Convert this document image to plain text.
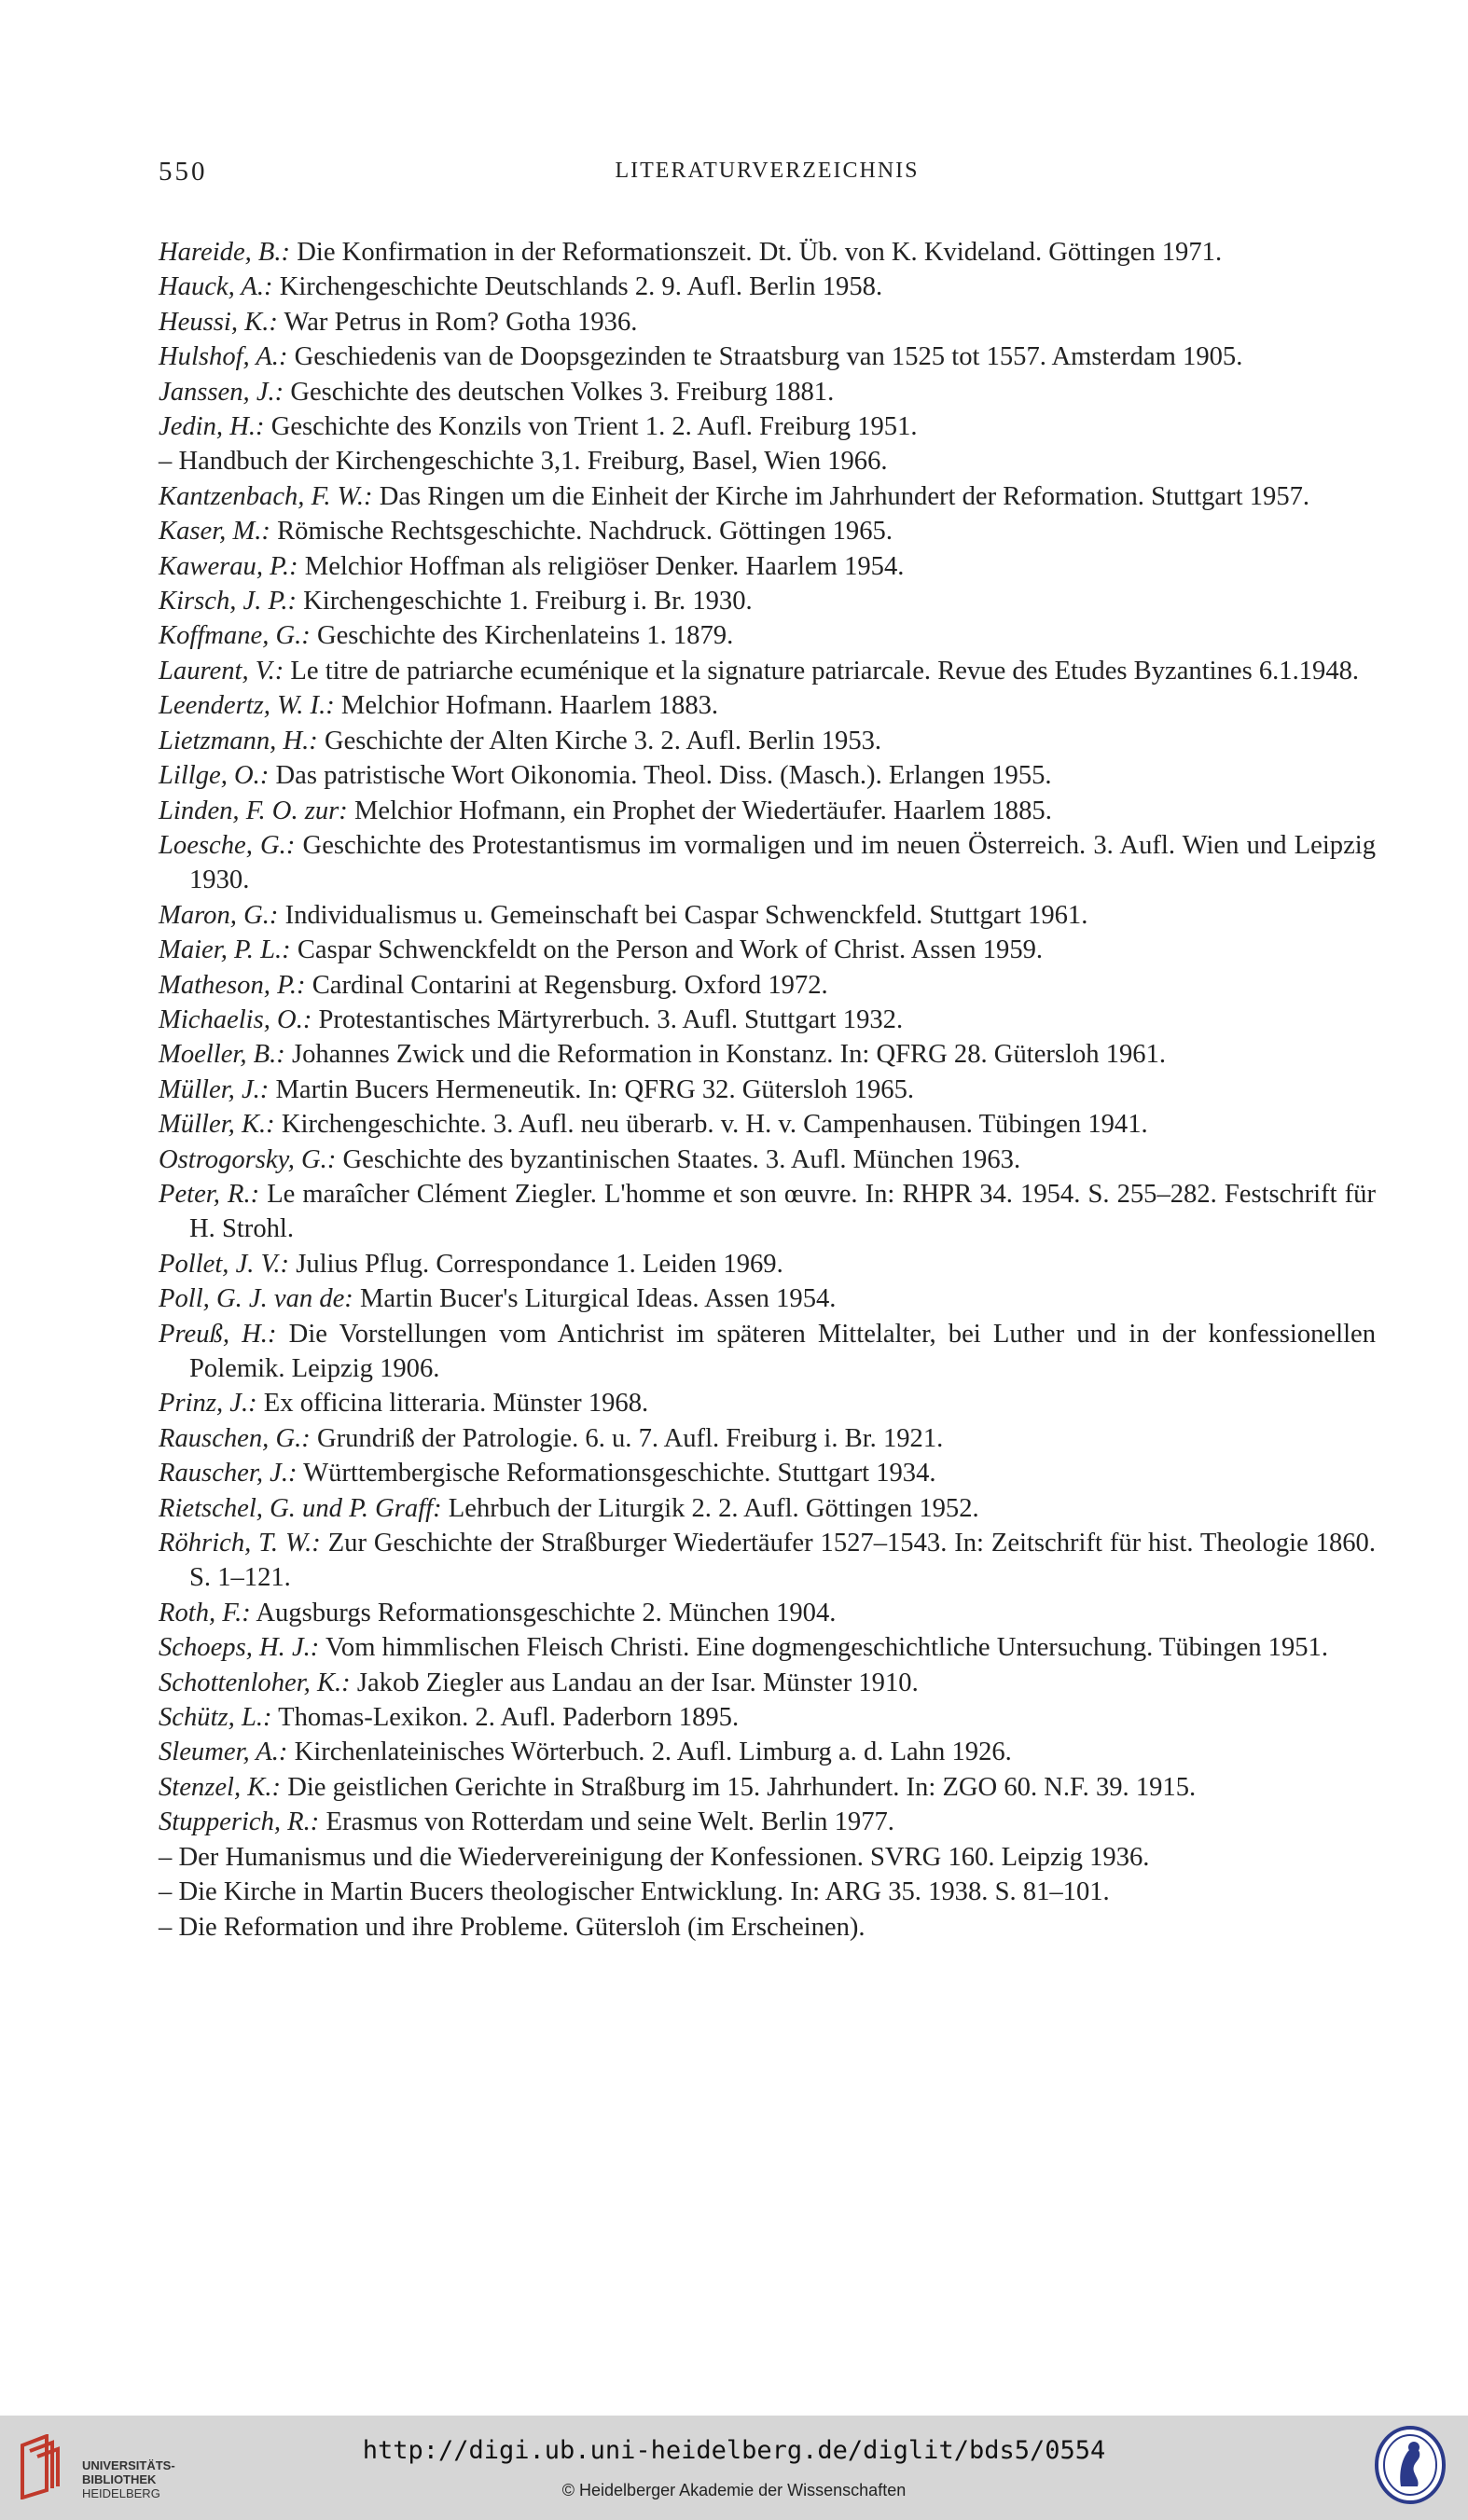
550	LITERATURVERZEICHNIS
Hareide, B.: Die Konfirmation in der Reformationszeit. Dt. Üb. von K. Kvideland. Göttingen 1971.
Hauck, A.: Kirchengeschichte Deutschlands 2. 9. Aufl. Berlin 1958.
Heussi, K.: War Petrus in Rom? Gotha 1936.
Hulshof, A.: Geschiedenis van de Doopsgezinden te Straatsburg van 1525 tot 1557. Amsterdam 1905.
Janssen, J.: Geschichte des deutschen Volkes 3. Freiburg 1881.
Jedin, H.: Geschichte des Konzils von Trient 1. 2. Aufl. Freiburg 1951.
– Handbuch der Kirchengeschichte 3,1. Freiburg, Basel, Wien 1966.
Kantzenbach, F. W.: Das Ringen um die Einheit der Kirche im Jahrhundert der Reformation. Stuttgart 1957.
Kaser, M.: Römische Rechtsgeschichte. Nachdruck. Göttingen 1965.
Kawerau, P.: Melchior Hoffman als religiöser Denker. Haarlem 1954.
Kirsch, J. P.: Kirchengeschichte 1. Freiburg i. Br. 1930.
Koffmane, G.: Geschichte des Kirchenlateins 1. 1879.
Laurent, V.: Le titre de patriarche ecuménique et la signature patriarcale. Revue des Etudes Byzantines 6.1.1948.
Leendertz, W. I.: Melchior Hofmann. Haarlem 1883.
Lietzmann, H.: Geschichte der Alten Kirche 3. 2. Aufl. Berlin 1953.
Lillge, O.: Das patristische Wort Oikonomia. Theol. Diss. (Masch.). Erlangen 1955.
Linden, F. O. zur: Melchior Hofmann, ein Prophet der Wiedertäufer. Haarlem 1885.
Loesche, G.: Geschichte des Protestantismus im vormaligen und im neuen Österreich. 3. Aufl. Wien und Leipzig 1930.
Maron, G.: Individualismus u. Gemeinschaft bei Caspar Schwenckfeld. Stuttgart 1961.
Maier, P. L.: Caspar Schwenckfeldt on the Person and Work of Christ. Assen 1959.
Matheson, P.: Cardinal Contarini at Regensburg. Oxford 1972.
Michaelis, O.: Protestantisches Märtyrerbuch. 3. Aufl. Stuttgart 1932.
Moeller, B.: Johannes Zwick und die Reformation in Konstanz. In: QFRG 28. Gütersloh 1961.
Müller, J.: Martin Bucers Hermeneutik. In: QFRG 32. Gütersloh 1965.
Müller, K.: Kirchengeschichte. 3. Aufl. neu überarb. v. H. v. Campenhausen. Tübingen 1941.
Ostrogorsky, G.: Geschichte des byzantinischen Staates. 3. Aufl. München 1963.
Peter, R.: Le maraîcher Clément Ziegler. L'homme et son œuvre. In: RHPR 34. 1954. S. 255–282. Festschrift für H. Strohl.
Pollet, J. V.: Julius Pflug. Correspondance 1. Leiden 1969.
Poll, G. J. van de: Martin Bucer's Liturgical Ideas. Assen 1954.
Preuß, H.: Die Vorstellungen vom Antichrist im späteren Mittelalter, bei Luther und in der konfessionellen Polemik. Leipzig 1906.
Prinz, J.: Ex officina litteraria. Münster 1968.
Rauschen, G.: Grundriß der Patrologie. 6. u. 7. Aufl. Freiburg i. Br. 1921.
Rauscher, J.: Württembergische Reformationsgeschichte. Stuttgart 1934.
Rietschel, G. und P. Graff: Lehrbuch der Liturgik 2. 2. Aufl. Göttingen 1952.
Röhrich, T. W.: Zur Geschichte der Straßburger Wiedertäufer 1527–1543. In: Zeitschrift für hist. Theologie 1860. S. 1–121.
Roth, F.: Augsburgs Reformationsgeschichte 2. München 1904.
Schoeps, H. J.: Vom himmlischen Fleisch Christi. Eine dogmengeschichtliche Untersuchung. Tübingen 1951.
Schottenloher, K.: Jakob Ziegler aus Landau an der Isar. Münster 1910.
Schütz, L.: Thomas-Lexikon. 2. Aufl. Paderborn 1895.
Sleumer, A.: Kirchenlateinisches Wörterbuch. 2. Aufl. Limburg a. d. Lahn 1926.
Stenzel, K.: Die geistlichen Gerichte in Straßburg im 15. Jahrhundert. In: ZGO 60. N.F. 39. 1915.
Stupperich, R.: Erasmus von Rotterdam und seine Welt. Berlin 1977.
– Der Humanismus und die Wiedervereinigung der Konfessionen. SVRG 160. Leipzig 1936.
– Die Kirche in Martin Bucers theologischer Entwicklung. In: ARG 35. 1938. S. 81–101.
– Die Reformation und ihre Probleme. Gütersloh (im Erscheinen).
UNIVERSITÄTS-
BIBLIOTHEK
HEIDELBERG
http://digi.ub.uni-heidelberg.de/diglit/bds5/0554
© Heidelberger Akademie der Wissenschaften
